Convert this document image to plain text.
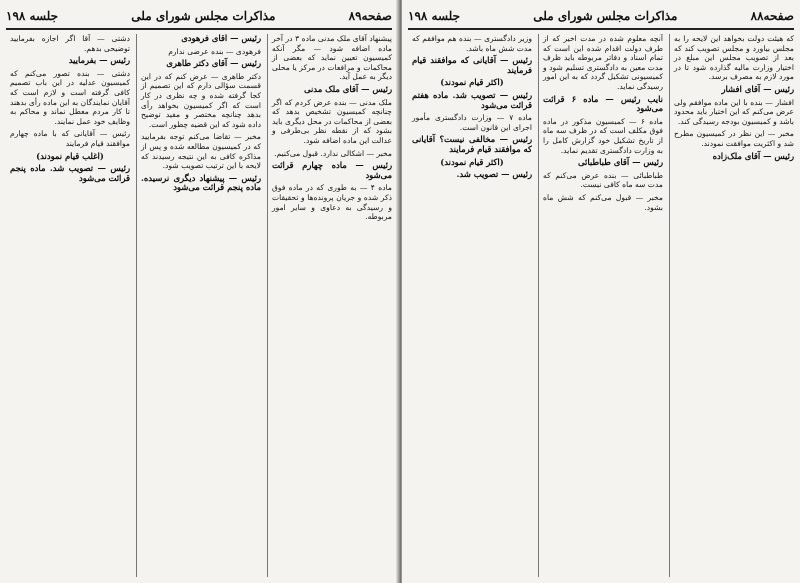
صفحه۸۹
مذاکرات مجلس شورای ملی
جلسه ۱۹۸

پیشنهاد آقای ملک مدنی ماده ۳ در آخر ماده اضافه شود — مگر آنکه کمیسیون تعیین نماید که بعضی از محاکمات و مرافعات در مرکز یا محلی دیگر به عمل آید.

رئیس — آقای ملک مدنی

ملک مدنی — بنده عرض کردم که اگر چنانچه کمیسیون تشخیص بدهد که بعضی از محاکمات در محل دیگری باید بشود که از نقطه نظر بی‌طرفی و عدالت این ماده اضافه شود.

مخبر — اشکالی ندارد. قبول می‌کنیم.

رئیس — ماده چهارم قرائت می‌شود

ماده ۴ — به طوری که در ماده فوق ذکر شده و جریان پرونده‌ها و تحقیقات و رسیدگی به دعاوی و سایر امور مربوطه.

رئیس — آقای فرهودی

فرهودی — بنده عرضی ندارم

رئیس — آقای دکتر طاهری

دکتر طاهری — عرض کنم که در این قسمت سؤالی دارم که این تصمیم از کجا گرفته شده و چه نظری در کار است که اگر کمیسیون بخواهد رأی بدهد چنانچه مختصر و مفید توضیح داده شود که این قضیه چطور است.

مخبر — تقاضا می‌کنم توجه بفرمایید که در کمیسیون مطالعه شده و پس از مذاکره کافی به این نتیجه رسیدند که لایحه با این ترتیب تصویب شود.

رئیس — پیشنهاد دیگری نرسیده. ماده پنجم قرائت می‌شود

دشتی — آقا اگر اجازه بفرمایید توضیحی بدهم.

رئیس — بفرمایید

دشتی — بنده تصور می‌کنم که کمیسیون عدلیه در این باب تصمیم کافی گرفته است و لازم است که آقایان نمایندگان به این ماده رأی بدهند تا کار مردم معطل نماند و محاکم به وظایف خود عمل نمایند.

رئیس — آقایانی که با ماده چهارم موافقند قیام فرمایند

(اغلب قیام نمودند)

رئیس — تصویب شد. ماده پنجم قرائت می‌شود

صفحه۸۸
مذاکرات مجلس شورای ملی
جلسه ۱۹۸

که هیئت دولت بخواهد این لایحه را به مجلس بیاورد و مجلس تصویب کند که بعد از تصویب مجلس این مبلغ در اختیار وزارت مالیه گذارده شود تا در مورد لازم به مصرف برسد.

رئیس — آقای افشار

افشار — بنده با این ماده موافقم ولی عرض می‌کنم که این اختیار باید محدود باشد و کمیسیون بودجه رسیدگی کند.

مخبر — این نظر در کمیسیون مطرح شد و اکثریت موافقت نمودند.

رئیس — آقای ملک‌زاده

آنچه معلوم شده در مدت اخیر که از طرف دولت اقدام شده این است که تمام اسناد و دفاتر مربوطه باید ظرف مدت معین به دادگستری تسلیم شود و کمیسیونی تشکیل گردد که به این امور رسیدگی نماید.

نایب رئیس — ماده ۶ قرائت می‌شود

ماده ۶ — کمیسیون مذکور در ماده فوق مکلف است که در ظرف سه ماه از تاریخ تشکیل خود گزارش کامل را به وزارت دادگستری تقدیم نماید.

رئیس — آقای طباطبائی

طباطبائی — بنده عرض می‌کنم که مدت سه ماه کافی نیست.

مخبر — قبول می‌کنم که شش ماه بشود.

وزیر دادگستری — بنده هم موافقم که مدت شش ماه باشد.

رئیس — آقایانی که موافقند قیام فرمایند

(اکثر قیام نمودند)

رئیس — تصویب شد. ماده هفتم قرائت می‌شود

ماده ۷ — وزارت دادگستری مأمور اجرای این قانون است.

رئیس — مخالفی نیست؟ آقایانی که موافقند قیام فرمایند

(اکثر قیام نمودند)

رئیس — تصویب شد.
